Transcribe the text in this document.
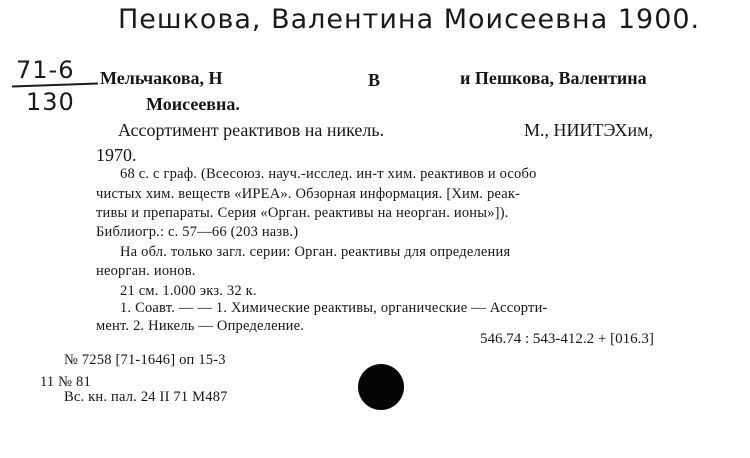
Пешкова, Валентина Моисеевна 1900.
71-6
130
Мельчакова, Н	В	и Пешкова, Валентина
Моисеевна.
Ассортимент реактивов на никель.	М., НИИТЭХим,
1970.
68 с. с граф. (Всесоюз. науч.-исслед. ин-т хим. реактивов и особо
чистых хим. веществ «ИРЕА». Обзорная информация. [Хим. реак-
тивы и препараты. Серия «Орган. реактивы на неорган. ионы»]).
Библиогр.: с. 57—66 (203 назв.)
На обл. только загл. серии: Орган. реактивы для определения
неорган. ионов.
21 см. 1.000 экз. 32 к.
1. Соавт. — — 1. Химические реактивы, органические — Ассорти-
мент. 2. Никель — Определение.
546.74 : 543-412.2 + [016.3]
№ 7258 [71-1646] оп 15-3
11 № 81
Вс. кн. пал. 24 II 71 М487
